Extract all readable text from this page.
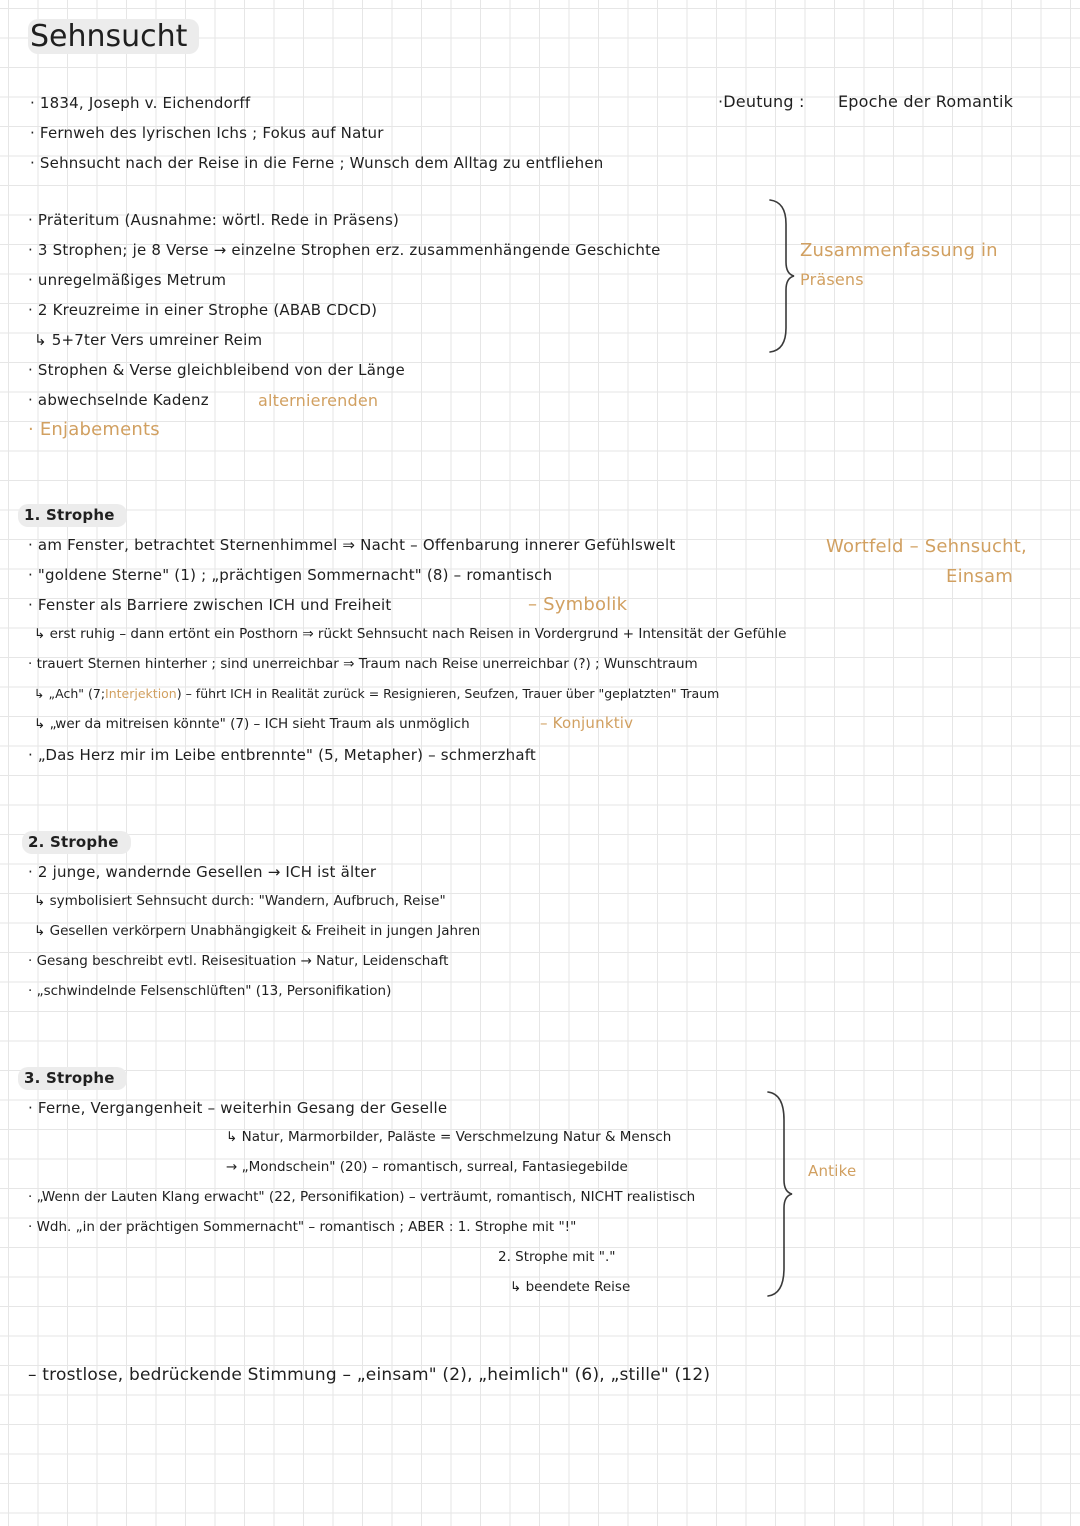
Sehnsucht
· 1834, Joseph v. Eichendorff
· Fernweh des lyrischen Ichs ; Fokus auf Natur
· Sehnsucht nach der Reise in die Ferne ; Wunsch dem Alltag zu entfliehen
·Deutung : Epoche der Romantik
· Präteritum (Ausnahme: wörtl. Rede in Präsens)
· 3 Strophen; je 8 Verse → einzelne Strophen erz. zusammenhängende Geschichte
· unregelmäßiges Metrum
· 2 Kreuzreime in einer Strophe (ABAB CDCD)
↳ 5+7ter Vers umreiner Reim
· Strophen & Verse gleichbleibend von der Länge
· abwechselnde Kadenz	alternierenden
· Enjabements
Zusammenfassung in
Präsens
1. Strophe
· am Fenster, betrachtet Sternenhimmel ⇒ Nacht – Offenbarung innerer Gefühlswelt
· "goldene Sterne" (1) ; „prächtigen Sommernacht" (8) – romantisch
· Fenster als Barriere zwischen ICH und Freiheit	– Symbolik
↳ erst ruhig – dann ertönt ein Posthorn ⇒ rückt Sehnsucht nach Reisen in Vordergrund + Intensität der Gefühle
· trauert Sternen hinterher ; sind unerreichbar ⇒ Traum nach Reise unerreichbar (?) ; Wunschtraum
↳ „Ach" (7;Interjektion) – führt ICH in Realität zurück = Resignieren, Seufzen, Trauer über "geplatzten" Traum
↳ „wer da mitreisen könnte" (7) – ICH sieht Traum als unmöglich	– Konjunktiv
· „Das Herz mir im Leibe entbrennte" (5, Metapher) – schmerzhaft
Wortfeld – Sehnsucht,
Einsam
2. Strophe
· 2 junge, wandernde Gesellen → ICH ist älter
↳ symbolisiert Sehnsucht durch: "Wandern, Aufbruch, Reise"
↳ Gesellen verkörpern Unabhängigkeit & Freiheit in jungen Jahren
· Gesang beschreibt evtl. Reisesituation → Natur, Leidenschaft
· „schwindelnde Felsenschlüften" (13, Personifikation)
3. Strophe
· Ferne, Vergangenheit – weiterhin Gesang der Geselle
↳ Natur, Marmorbilder, Paläste = Verschmelzung Natur & Mensch
→ „Mondschein" (20) – romantisch, surreal, Fantasiegebilde
· „Wenn der Lauten Klang erwacht" (22, Personifikation) – verträumt, romantisch, NICHT realistisch
· Wdh. „in der prächtigen Sommernacht" – romantisch ; ABER : 1. Strophe mit "!"
2. Strophe mit "."
↳ beendete Reise
Antike
– trostlose, bedrückende Stimmung – „einsam" (2), „heimlich" (6), „stille" (12)
